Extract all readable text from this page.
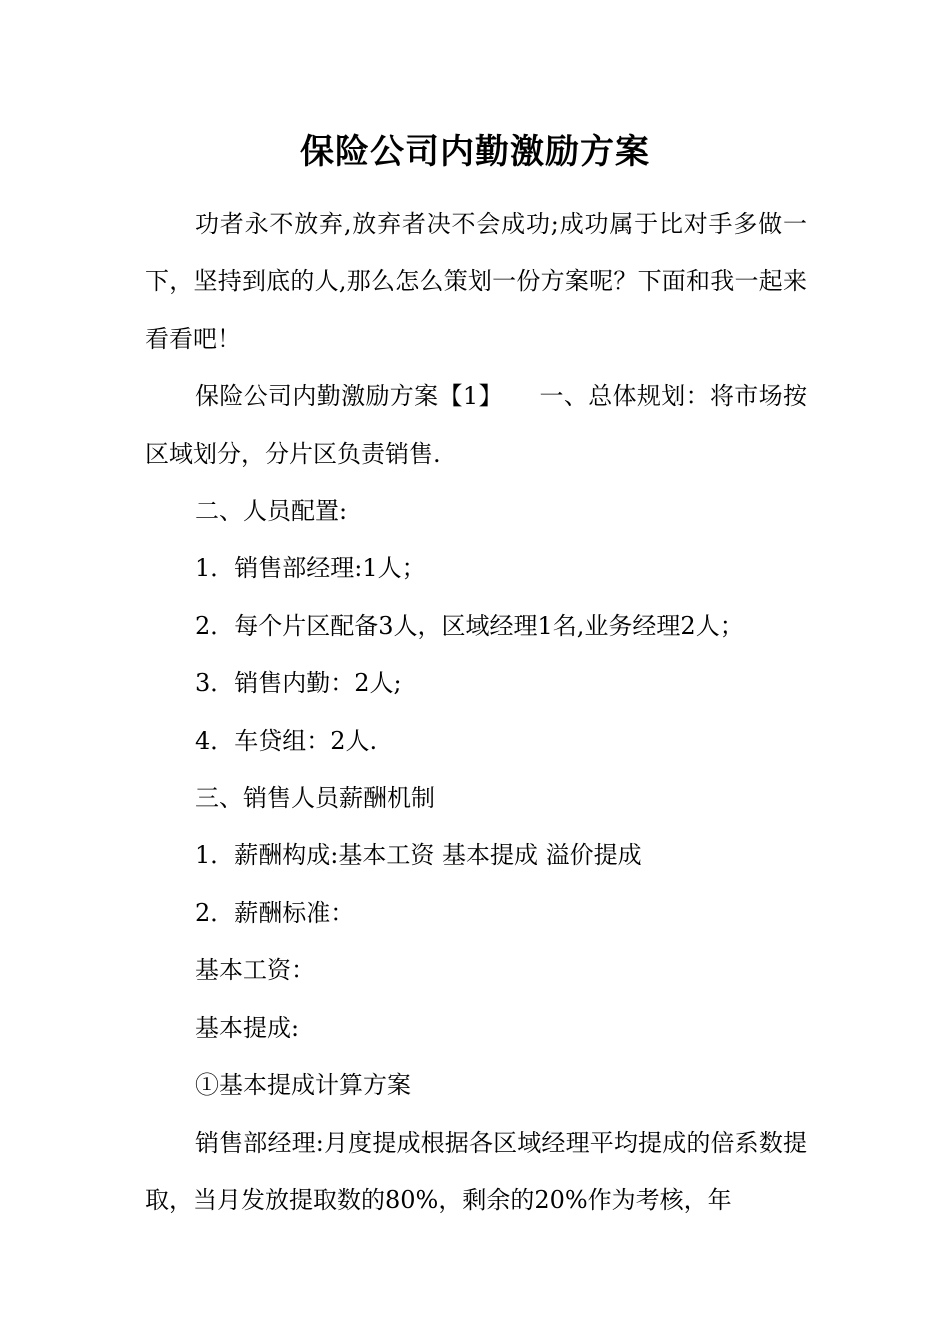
保险公司内勤激励方案

功者永不放弃,放弃者决不会成功;成功属于比对手多做一下，坚持到底的人,那么怎么策划一份方案呢？下面和我一起来看看吧！

保险公司内勤激励方案【1】　　一、总体规划：将市场按区域划分，分片区负责销售.

二、人员配置:

1．销售部经理:1人；

2．每个片区配备3人，区域经理1名,业务经理2人；

3．销售内勤：2人;

4．车贷组：2人.

三、销售人员薪酬机制

1．薪酬构成:基本工资 基本提成 溢价提成

2．薪酬标准：

基本工资：

基本提成:

①基本提成计算方案

销售部经理:月度提成根据各区域经理平均提成的倍系数提取，当月发放提取数的80%，剩余的20%作为考核，年
